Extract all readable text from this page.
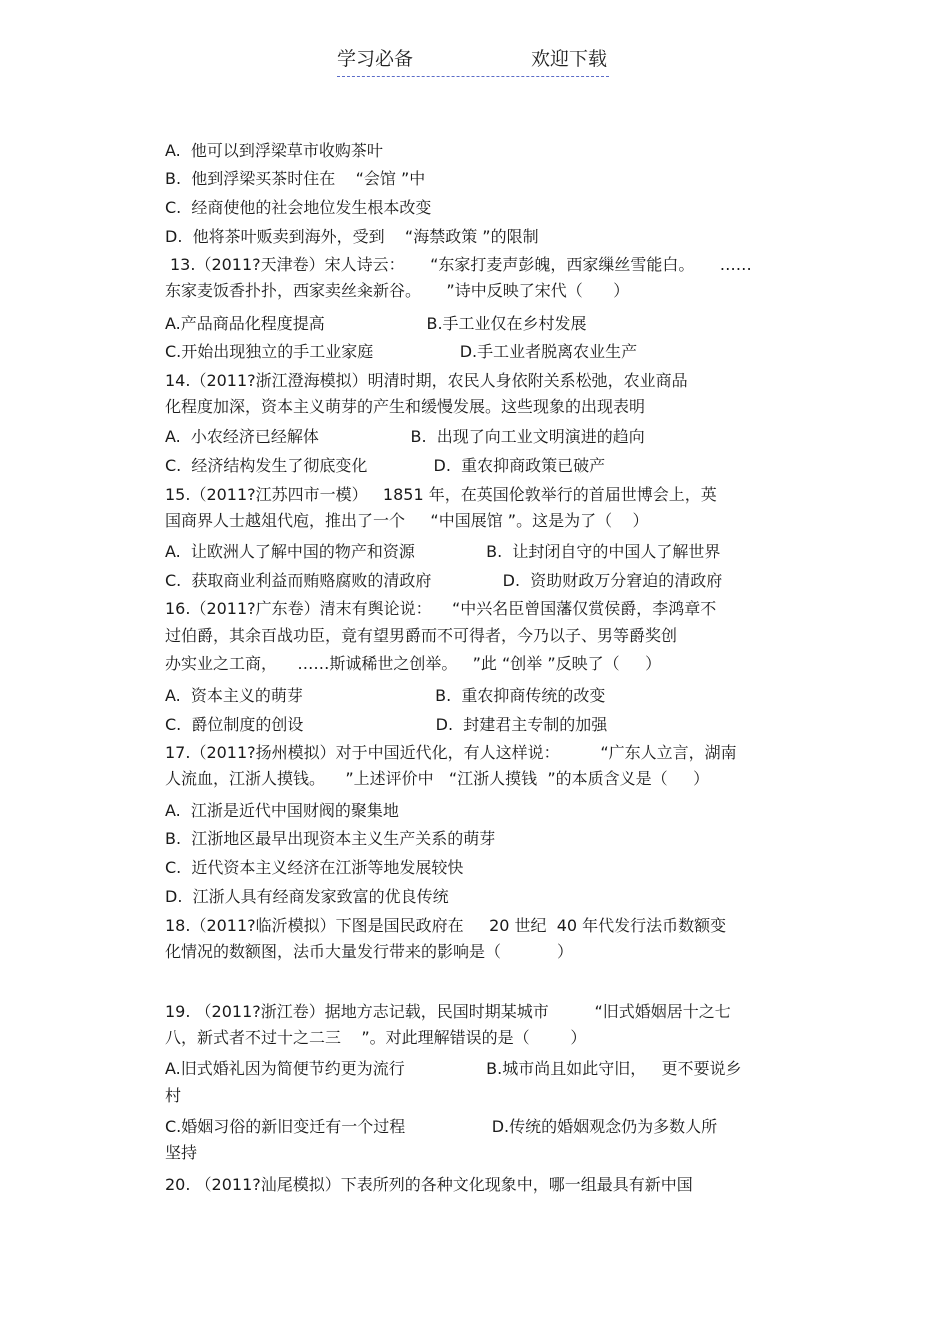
学习必备	欢迎下载
A.  他可以到浮梁草市收购茶叶
B.  他到浮梁买茶时住在    “会馆 ”中
C.  经商使他的社会地位发生根本改变
D.  他将茶叶贩卖到海外，受到    “海禁政策 ”的限制
13.（2011?天津卷）宋人诗云：     “东家打麦声彭魄，西家缫丝雪能白。     ……
东家麦饭香扑扑，西家卖丝籴新谷。     ”诗中反映了宋代（      ）
A.产品商品化程度提高                    B.手工业仅在乡村发展
C.开始出现独立的手工业家庭                 D.手工业者脱离农业生产
14.（2011?浙江澄海模拟）明清时期，农民人身依附关系松弛，农业商品
化程度加深，资本主义萌芽的产生和缓慢发展。这些现象的出现表明
A.  小农经济已经解体                  B.  出现了向工业文明演进的趋向
C.  经济结构发生了彻底变化             D.  重农抑商政策已破产
15.（2011?江苏四市一模）   1851 年，在英国伦敦举行的首届世博会上，英
国商界人士越俎代庖，推出了一个     “中国展馆 ”。这是为了（    ）
A.  让欧洲人了解中国的物产和资源              B.  让封闭自守的中国人了解世界
C.  获取商业利益而贿赂腐败的清政府              D.  资助财政万分窘迫的清政府
16.（2011?广东卷）清末有舆论说：    “中兴名臣曾国藩仅赏侯爵，李鸿章不
过伯爵，其余百战功臣，竟有望男爵而不可得者，今乃以子、男等爵奖创
办实业之工商，    ……斯诚稀世之创举。   ”此 “创举 ”反映了（     ）
A.  资本主义的萌芽                          B.  重农抑商传统的改变
C.  爵位制度的创设                          D.  封建君主专制的加强
17.（2011?扬州模拟）对于中国近代化，有人这样说：        “广东人立言，湖南
人流血，江浙人摸钱。    ”上述评价中   “江浙人摸钱  ”的本质含义是（     ）
A.  江浙是近代中国财阀的聚集地
B.  江浙地区最早出现资本主义生产关系的萌芽
C.  近代资本主义经济在江浙等地发展较快
D.  江浙人具有经商发家致富的优良传统
18.（2011?临沂模拟）下图是国民政府在     20 世纪  40 年代发行法币数额变
化情况的数额图，法币大量发行带来的影响是（           ）
19. （2011?浙江卷）据地方志记载，民国时期某城市         “旧式婚姻居十之七
八，新式者不过十之二三    ”。对此理解错误的是（        ）
A.旧式婚礼因为简便节约更为流行                B.城市尚且如此守旧，   更不要说乡
村
C.婚姻习俗的新旧变迁有一个过程                 D.传统的婚姻观念仍为多数人所
坚持
20. （2011?汕尾模拟）下表所列的各种文化现象中，哪一组最具有新中国
